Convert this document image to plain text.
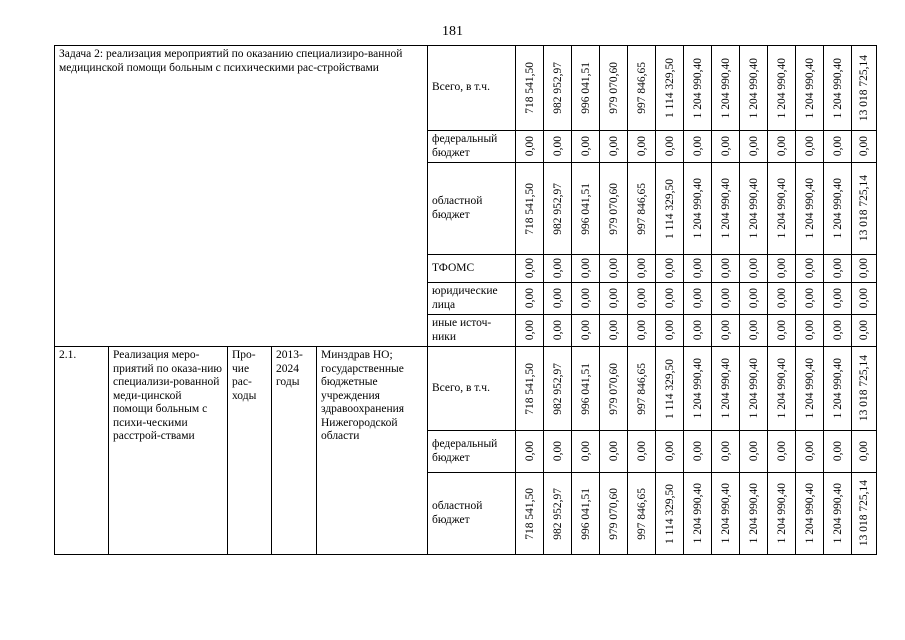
181
Задача 2: реализация мероприятий по оказанию специализиро-ванной медицинской помощи больным с психическими рас-стройствами					Всего, в т.ч.	718 541,50	982 952,97	996 041,51	979 070,60	997 846,65	1 114 329,50	1 204 990,40	1 204 990,40	1 204 990,40	1 204 990,40	1 204 990,40	1 204 990,40	13 018 725,14

					федеральный бюджет	0,00	0,00	0,00	0,00	0,00	0,00	0,00	0,00	0,00	0,00	0,00	0,00	0,00

					областной бюджет	718 541,50	982 952,97	996 041,51	979 070,60	997 846,65	1 114 329,50	1 204 990,40	1 204 990,40	1 204 990,40	1 204 990,40	1 204 990,40	1 204 990,40	13 018 725,14

					ТФОМС	0,00	0,00	0,00	0,00	0,00	0,00	0,00	0,00	0,00	0,00	0,00	0,00	0,00

					юридические лица	0,00	0,00	0,00	0,00	0,00	0,00	0,00	0,00	0,00	0,00	0,00	0,00	0,00

					иные источ-ники	0,00	0,00	0,00	0,00	0,00	0,00	0,00	0,00	0,00	0,00	0,00	0,00	0,00

2.1.	Реализация меро-приятий по оказа-нию специализи-рованной меди-цинской помощи больным с психи-ческими расстрой-ствами	Про-чие рас-ходы	2013-2024 годы	Минздрав НО; государственные бюджетные учреждения здравоохранения Нижегородской области	Всего, в т.ч.	718 541,50	982 952,97	996 041,51	979 070,60	997 846,65	1 114 329,50	1 204 990,40	1 204 990,40	1 204 990,40	1 204 990,40	1 204 990,40	1 204 990,40	13 018 725,14

					федеральный бюджет	0,00	0,00	0,00	0,00	0,00	0,00	0,00	0,00	0,00	0,00	0,00	0,00	0,00

					областной бюджет	718 541,50	982 952,97	996 041,51	979 070,60	997 846,65	1 114 329,50	1 204 990,40	1 204 990,40	1 204 990,40	1 204 990,40	1 204 990,40	1 204 990,40	13 018 725,14
